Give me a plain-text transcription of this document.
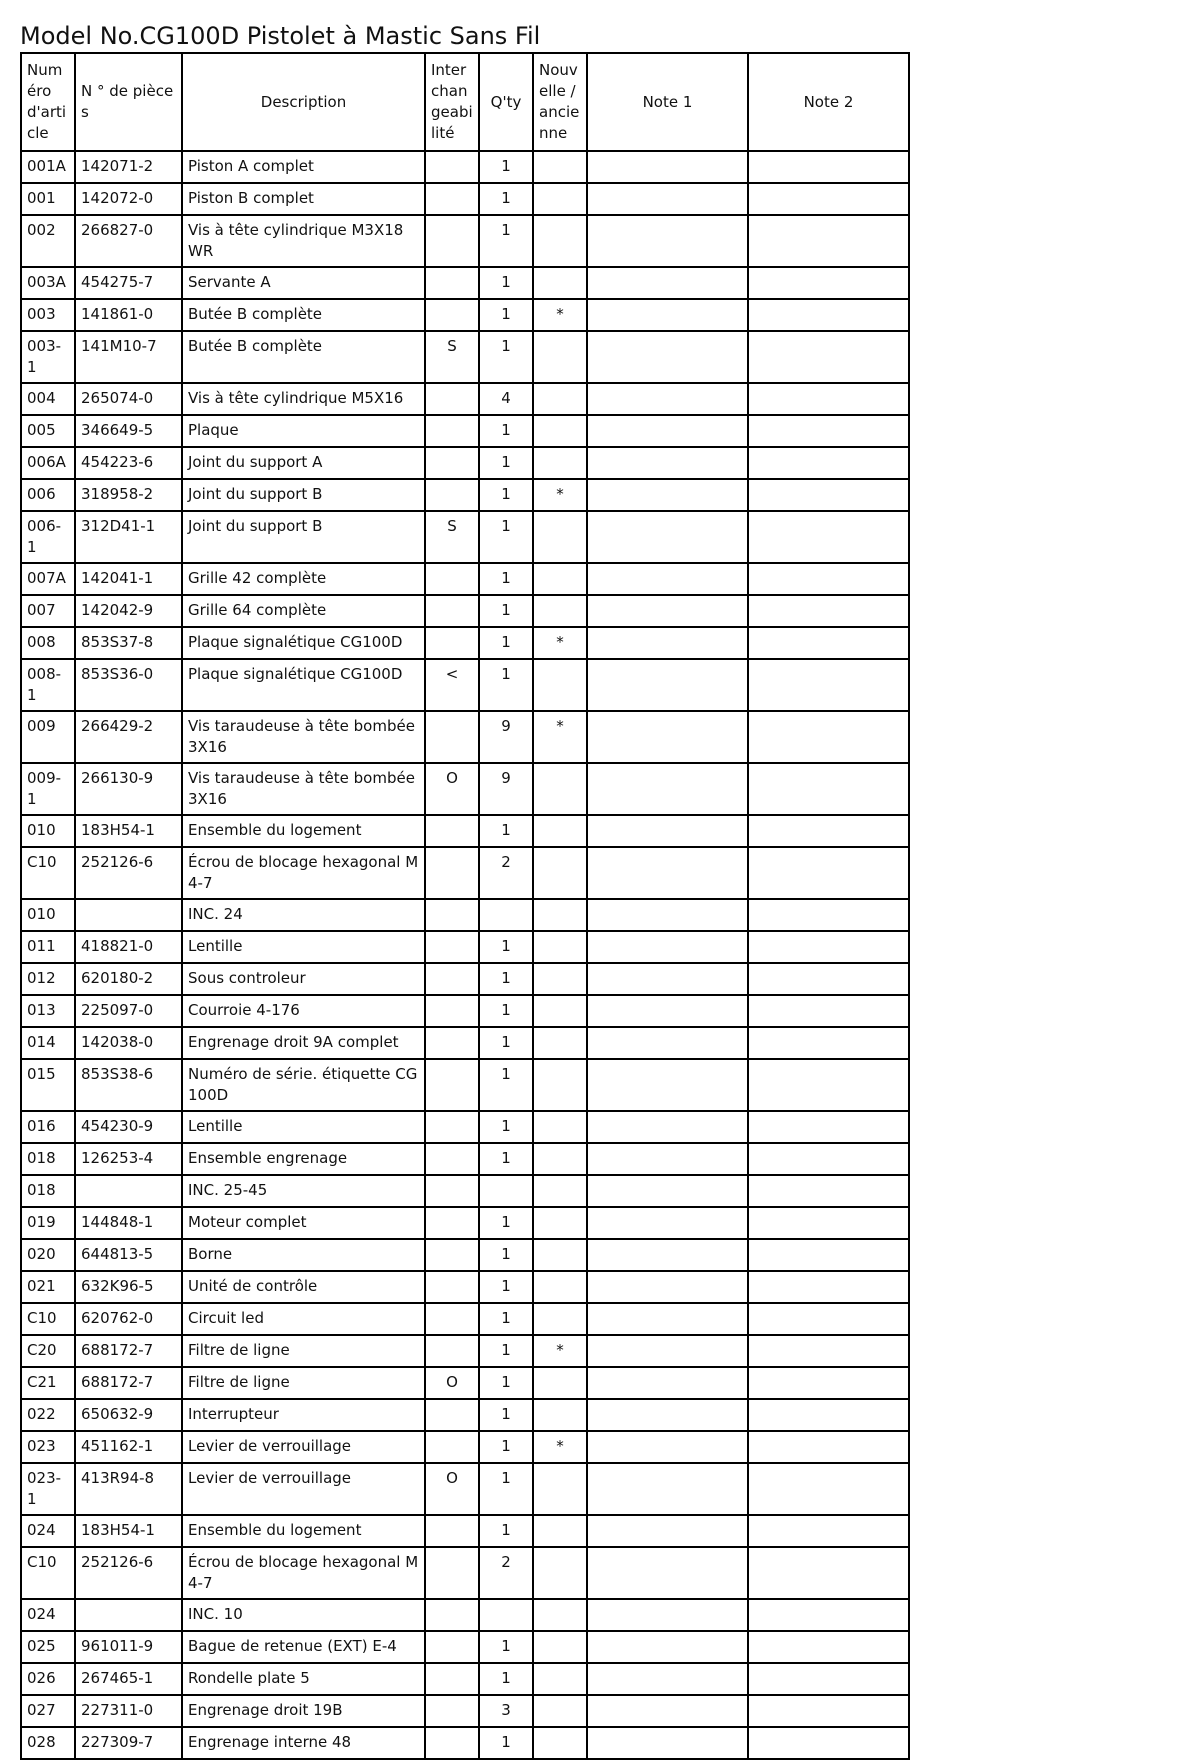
Model No.CG100D Pistolet à Mastic Sans Fil
Numéro d'article	N ° de pièces	Description	Interchangeabilité	Q'ty	Nouvelle / ancienne	Note 1	Note 2
001A	142071-2	Piston A complet		1			
001	142072-0	Piston B complet		1			
002	266827-0	Vis à tête cylindrique M3X18 WR		1			
003A	454275-7	Servante A		1			
003	141861-0	Butée B complète		1	*		
003-1	141M10-7	Butée B complète	S	1			
004	265074-0	Vis à tête cylindrique M5X16		4			
005	346649-5	Plaque		1			
006A	454223-6	Joint du support A		1			
006	318958-2	Joint du support B		1	*		
006-1	312D41-1	Joint du support B	S	1			
007A	142041-1	Grille 42 complète		1			
007	142042-9	Grille 64 complète		1			
008	853S37-8	Plaque signalétique CG100D		1	*		
008-1	853S36-0	Plaque signalétique CG100D	<	1			
009	266429-2	Vis taraudeuse à tête bombée 3X16		9	*		
009-1	266130-9	Vis taraudeuse à tête bombée 3X16	O	9			
010	183H54-1	Ensemble du logement		1			
C10	252126-6	Écrou de blocage hexagonal M4-7		2			
010		INC. 24					
011	418821-0	Lentille		1			
012	620180-2	Sous controleur		1			
013	225097-0	Courroie 4-176		1			
014	142038-0	Engrenage droit 9A complet		1			
015	853S38-6	Numéro de série. étiquette CG100D		1			
016	454230-9	Lentille		1			
018	126253-4	Ensemble engrenage		1			
018		INC. 25-45					
019	144848-1	Moteur complet		1			
020	644813-5	Borne		1			
021	632K96-5	Unité de contrôle		1			
C10	620762-0	Circuit led		1			
C20	688172-7	Filtre de ligne		1	*		
C21	688172-7	Filtre de ligne	O	1			
022	650632-9	Interrupteur		1			
023	451162-1	Levier de verrouillage		1	*		
023-1	413R94-8	Levier de verrouillage	O	1			
024	183H54-1	Ensemble du logement		1			
C10	252126-6	Écrou de blocage hexagonal M4-7		2			
024		INC. 10					
025	961011-9	Bague de retenue (EXT) E-4		1			
026	267465-1	Rondelle plate 5		1			
027	227311-0	Engrenage droit 19B		3			
028	227309-7	Engrenage interne 48		1			
